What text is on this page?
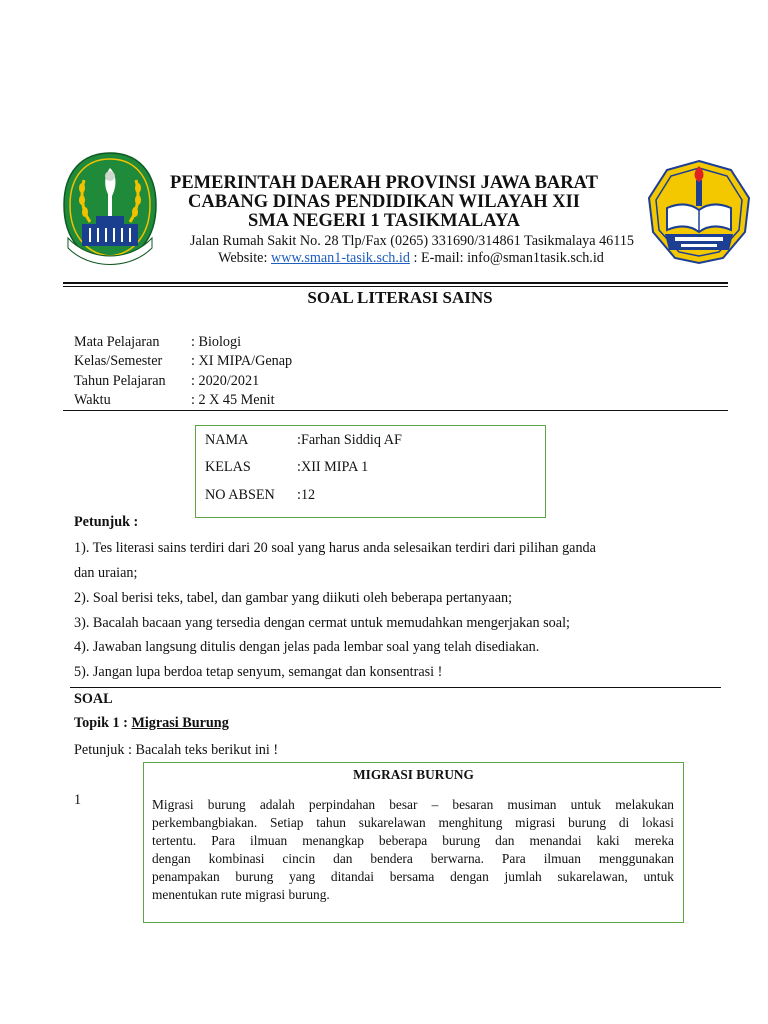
PEMERINTAH DAERAH PROVINSI JAWA BARAT
CABANG DINAS PENDIDIKAN WILAYAH XII
SMA NEGERI 1 TASIKMALAYA
Jalan Rumah Sakit No. 28 Tlp/Fax (0265) 331690/314861 Tasikmalaya 46115
Website: www.sman1-tasik.sch.id : E-mail: info@sman1tasik.sch.id
SOAL LITERASI SAINS
Mata Pelajaran : Biologi
Kelas/Semester : XI MIPA/Genap
Tahun Pelajaran : 2020/2021
Waktu	: 2 X 45 Menit
NAMA	:Farhan Siddiq AF
KELAS	:XII MIPA 1
NO ABSEN :12
Petunjuk :
1). Tes literasi sains terdiri dari 20 soal yang harus anda selesaikan terdiri dari pilihan ganda
dan uraian;
2). Soal berisi teks, tabel, dan gambar yang diikuti oleh beberapa pertanyaan;
3). Bacalah bacaan yang tersedia dengan cermat untuk memudahkan mengerjakan soal;
4). Jawaban langsung ditulis dengan jelas pada lembar soal yang telah disediakan.
5). Jangan lupa berdoa tetap senyum, semangat dan konsentrasi !
SOAL
Topik 1 : Migrasi Burung
Petunjuk : Bacalah teks berikut ini !
1
MIGRASI BURUNG
Migrasi burung adalah perpindahan besar – besaran musiman untuk melakukan
perkembangbiakan. Setiap tahun sukarelawan menghitung migrasi burung di lokasi
tertentu. Para ilmuan menangkap beberapa burung dan menandai kaki mereka
dengan kombinasi cincin dan bendera berwarna. Para ilmuan menggunakan
penampakan burung yang ditandai bersama dengan jumlah sukarelawan, untuk
menentukan rute migrasi burung.
